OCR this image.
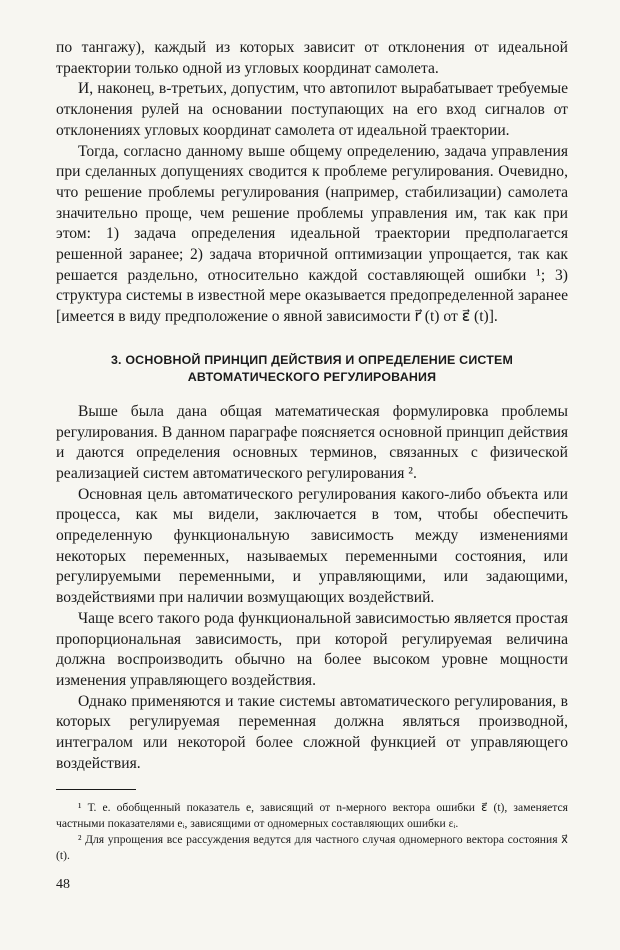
по тангажу), каждый из которых зависит от отклонения от идеальной траектории только одной из угловых координат самолета.

И, наконец, в-третьих, допустим, что автопилот вырабатывает требуемые отклонения рулей на основании поступающих на его вход сигналов от отклонениях угловых координат самолета от идеальной траектории.

Тогда, согласно данному выше общему определению, задача управления при сделанных допущениях сводится к проблеме регулирования. Очевидно, что решение проблемы регулирования (например, стабилизации) самолета значительно проще, чем решение проблемы управления им, так как при этом: 1) задача определения идеальной траектории предполагается решенной заранее; 2) задача вторичной оптимизации упрощается, так как решается раздельно, относительно каждой составляющей ошибки ¹; 3) структура системы в известной мере оказывается предопределенной заранее [имеется в виду предположение о явной зависимости r⃗ (t) от ε⃗ (t)].

3. ОСНОВНОЙ ПРИНЦИП ДЕЙСТВИЯ И ОПРЕДЕЛЕНИЕ СИСТЕМ
АВТОМАТИЧЕСКОГО РЕГУЛИРОВАНИЯ

Выше была дана общая математическая формулировка проблемы регулирования. В данном параграфе поясняется основной принцип действия и даются определения основных терминов, связанных с физической реализацией систем автоматического регулирования ².

Основная цель автоматического регулирования какого-либо объекта или процесса, как мы видели, заключается в том, чтобы обеспечить определенную функциональную зависимость между изменениями некоторых переменных, называемых переменными состояния, или регулируемыми переменными, и управляющими, или задающими, воздействиями при наличии возмущающих воздействий.

Чаще всего такого рода функциональной зависимостью является простая пропорциональная зависимость, при которой регулируемая величина должна воспроизводить обычно на более высоком уровне мощности изменения управляющего воздействия.

Однако применяются и такие системы автоматического регулирования, в которых регулируемая переменная должна являться производной, интегралом или некоторой более сложной функцией от управляющего воздействия.

¹ Т. е. обобщенный показатель e, зависящий от n-мерного вектора ошибки ε⃗ (t), заменяется частными показателями eᵢ, зависящими от одномерных составляющих ошибки εᵢ.

² Для упрощения все рассуждения ведутся для частного случая одномерного вектора состояния x⃗ (t).

48
